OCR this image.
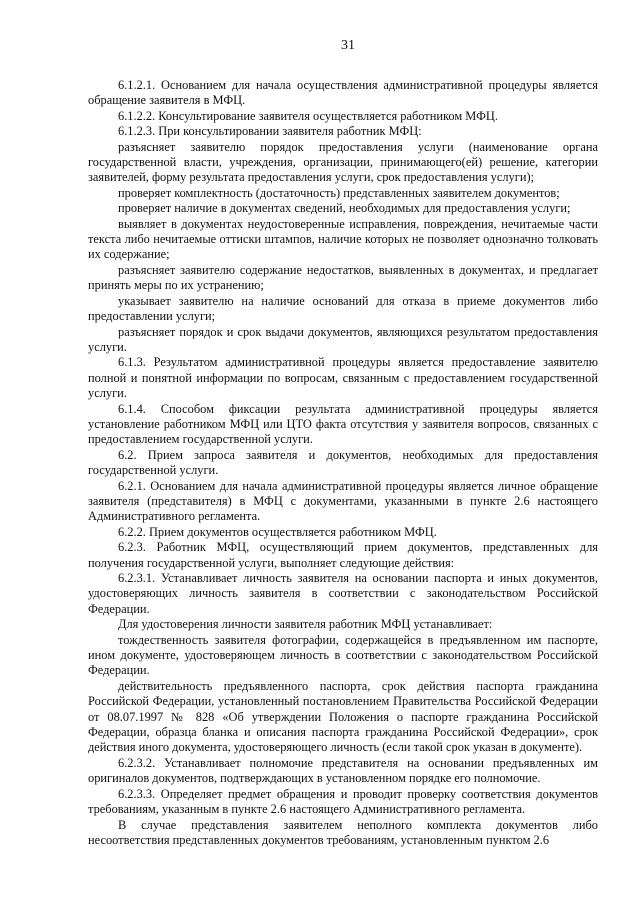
31

6.1.2.1. Основанием для начала осуществления административной процедуры является обращение заявителя в МФЦ.

6.1.2.2. Консультирование заявителя осуществляется работником МФЦ.

6.1.2.3. При консультировании заявителя работник МФЦ:

разъясняет заявителю порядок предоставления услуги (наименование органа государственной власти, учреждения, организации, принимающего(ей) решение, категории заявителей, форму результата предоставления услуги, срок предоставления услуги);

проверяет комплектность (достаточность) представленных заявителем документов;

проверяет наличие в документах сведений, необходимых для предоставления услуги;

выявляет в документах неудостоверенные исправления, повреждения, нечитаемые части текста либо нечитаемые оттиски штампов, наличие которых не позволяет однозначно толковать их содержание;

разъясняет заявителю содержание недостатков, выявленных в документах, и предлагает принять меры по их устранению;

указывает заявителю на наличие оснований для отказа в приеме документов либо предоставлении услуги;

разъясняет порядок и срок выдачи документов, являющихся результатом предоставления услуги.

6.1.3. Результатом административной процедуры является предоставление заявителю полной и понятной информации по вопросам, связанным с предоставлением государственной услуги.

6.1.4. Способом фиксации результата административной процедуры является установление работником МФЦ или ЦТО факта отсутствия у заявителя вопросов, связанных с предоставлением государственной услуги.

6.2. Прием запроса заявителя и документов, необходимых для предоставления государственной услуги.

6.2.1. Основанием для начала административной процедуры является личное обращение заявителя (представителя) в МФЦ с документами, указанными в пункте 2.6 настоящего Административного регламента.

6.2.2. Прием документов осуществляется работником МФЦ.

6.2.3. Работник МФЦ, осуществляющий прием документов, представленных для получения государственной услуги, выполняет следующие действия:

6.2.3.1. Устанавливает личность заявителя на основании паспорта и иных документов, удостоверяющих личность заявителя в соответствии с законодательством Российской Федерации.

Для удостоверения личности заявителя работник МФЦ устанавливает:

тождественность заявителя фотографии, содержащейся в предъявленном им паспорте, ином документе, удостоверяющем личность в соответствии с законодательством Российской Федерации.

действительность предъявленного паспорта, срок действия паспорта гражданина Российской Федерации, установленный постановлением Правительства Российской Федерации от 08.07.1997 № 828 «Об утверждении Положения о паспорте гражданина Российской Федерации, образца бланка и описания паспорта гражданина Российской Федерации», срок действия иного документа, удостоверяющего личность (если такой срок указан в документе).

6.2.3.2. Устанавливает полномочие представителя на основании предъявленных им оригиналов документов, подтверждающих в установленном порядке его полномочие.

6.2.3.3. Определяет предмет обращения и проводит проверку соответствия документов требованиям, указанным в пункте 2.6 настоящего Административного регламента.

В случае представления заявителем неполного комплекта документов либо несоответствия представленных документов требованиям, установленным пунктом 2.6
